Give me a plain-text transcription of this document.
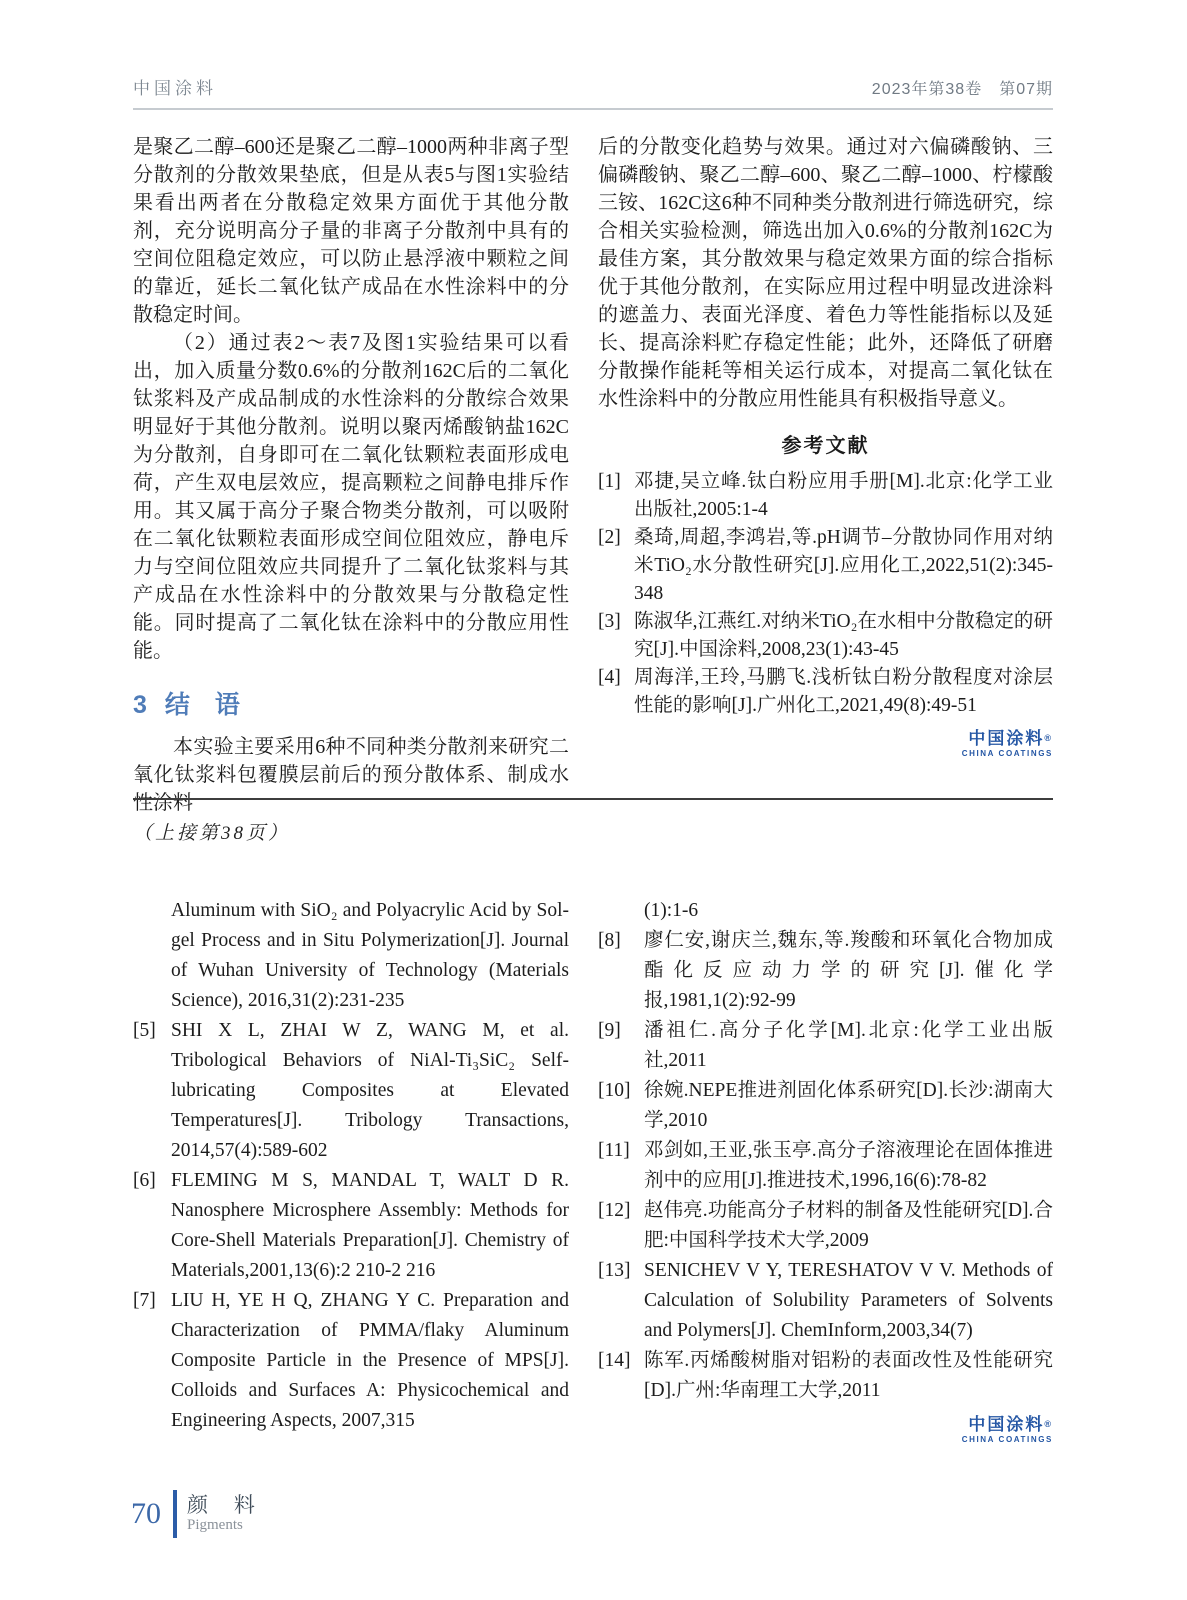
中国涂料	2023年第38卷　第07期

是聚乙二醇–600还是聚乙二醇–1000两种非离子型分散剂的分散效果垫底，但是从表5与图1实验结果看出两者在分散稳定效果方面优于其他分散剂，充分说明高分子量的非离子分散剂中具有的空间位阻稳定效应，可以防止悬浮液中颗粒之间的靠近，延长二氧化钛产成品在水性涂料中的分散稳定时间。

（2）通过表2～表7及图1实验结果可以看出，加入质量分数0.6%的分散剂162C后的二氧化钛浆料及产成品制成的水性涂料的分散综合效果明显好于其他分散剂。说明以聚丙烯酸钠盐162C为分散剂，自身即可在二氧化钛颗粒表面形成电荷，产生双电层效应，提高颗粒之间静电排斥作用。其又属于高分子聚合物类分散剂，可以吸附在二氧化钛颗粒表面形成空间位阻效应，静电斥力与空间位阻效应共同提升了二氧化钛浆料与其产成品在水性涂料中的分散效果与分散稳定性能。同时提高了二氧化钛在涂料中的分散应用性能。

3 结　语

本实验主要采用6种不同种类分散剂来研究二氧化钛浆料包覆膜层前后的预分散体系、制成水性涂料

后的分散变化趋势与效果。通过对六偏磷酸钠、三偏磷酸钠、聚乙二醇–600、聚乙二醇–1000、柠檬酸三铵、162C这6种不同种类分散剂进行筛选研究，综合相关实验检测，筛选出加入0.6%的分散剂162C为最佳方案，其分散效果与稳定效果方面的综合指标优于其他分散剂，在实际应用过程中明显改进涂料的遮盖力、表面光泽度、着色力等性能指标以及延长、提高涂料贮存稳定性能；此外，还降低了研磨分散操作能耗等相关运行成本，对提高二氧化钛在水性涂料中的分散应用性能具有积极指导意义。

参考文献
[1] 邓捷,吴立峰.钛白粉应用手册[M].北京:化学工业出版社,2005:1-4
[2] 桑琦,周超,李鸿岩,等.pH调节–分散协同作用对纳米TiO₂水分散性研究[J].应用化工,2022,51(2):345-348
[3] 陈淑华,江燕红.对纳米TiO₂在水相中分散稳定的研究[J].中国涂料,2008,23(1):43-45
[4] 周海洋,王玲,马鹏飞.浅析钛白粉分散程度对涂层性能的影响[J].广州化工,2021,49(8):49-51
中国涂料®
CHINA COATINGS
（上接第38页）
Aluminum with SiO₂ and Polyacrylic Acid by Sol-gel Process and in Situ Polymerization[J]. Journal of Wuhan University of Technology (Materials Science), 2016,31(2):231-235
[5] SHI X L, ZHAI W Z, WANG M, et al. Tribological Behaviors of NiAl-Ti₃SiC₂ Self-lubricating Composites at Elevated Temperatures[J]. Tribology Transactions, 2014,57(4):589-602
[6] FLEMING M S, MANDAL T, WALT D R. Nanosphere Microsphere Assembly: Methods for Core-Shell Materials Preparation[J]. Chemistry of Materials,2001,13(6):2 210-2 216
[7] LIU H, YE H Q, ZHANG Y C. Preparation and Characterization of PMMA/flaky Aluminum Composite Particle in the Presence of MPS[J]. Colloids and Surfaces A: Physicochemical and Engineering Aspects, 2007,315
(1):1-6
[8]	廖仁安,谢庆兰,魏东,等.羧酸和环氧化合物加成酯化反应动力学的研究[J].催化学报,1981,1(2):92-99
[9]	潘祖仁.高分子化学[M].北京:化学工业出版社,2011
[10] 徐婉.NEPE推进剂固化体系研究[D].长沙:湖南大学,2010
[11] 邓剑如,王亚,张玉亭.高分子溶液理论在固体推进剂中的应用[J].推进技术,1996,16(6):78-82
[12] 赵伟亮.功能高分子材料的制备及性能研究[D].合肥:中国科学技术大学,2009
[13] SENICHEV V Y, TERESHATOV V V. Methods of Calculation of Solubility Parameters of Solvents and Polymers[J]. ChemInform,2003,34(7)
[14] 陈军.丙烯酸树脂对铝粉的表面改性及性能研究[D].广州:华南理工大学,2011
中国涂料®
CHINA COATINGS
70 颜 料
Pigments
